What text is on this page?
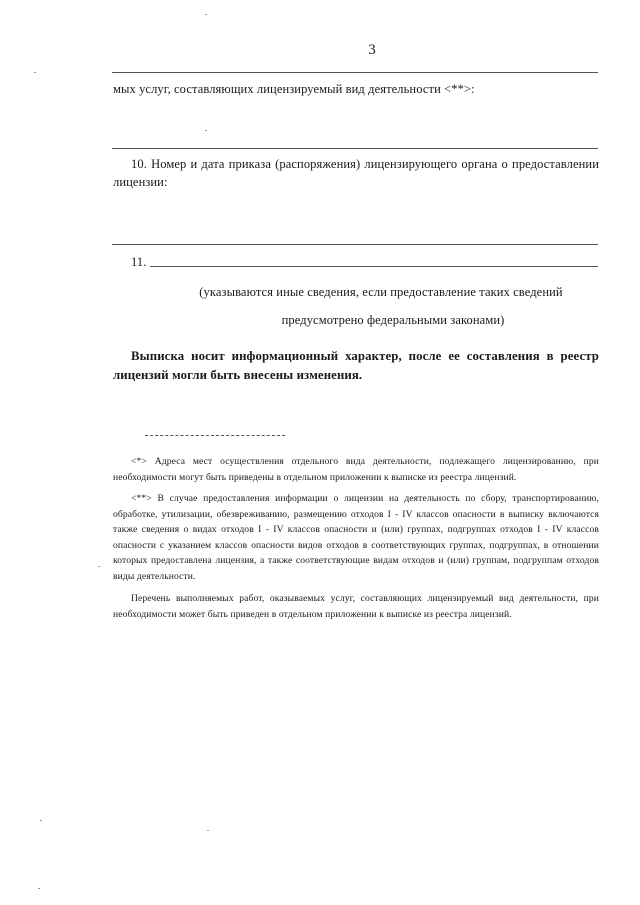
3
мых услуг, составляющих лицензируемый вид деятельности <**>:
10. Номер и дата приказа (распоряжения) лицензирующего органа о предоставлении лицензии:
11.
(указываются иные сведения, если предоставление таких сведений
предусмотрено федеральными законами)
Выписка носит информационный характер, после ее составления в реестр лицензий могли быть внесены изменения.
<*> Адреса мест осуществления отдельного вида деятельности, подлежащего лицензированию, при необходимости могут быть приведены в отдельном приложении к выписке из реестра лицензий.
<**> В случае предоставления информации о лицензии на деятельность по сбору, транспортированию, обработке, утилизации, обезвреживанию, размещению отходов I - IV классов опасности в выписку включаются также сведения о видах отходов I - IV классов опасности и (или) группах, подгруппах отходов I - IV классов опасности с указанием классов опасности видов отходов в соответствующих группах, подгруппах, в отношении которых предоставлена лицензия, а также соответствующие видам отходов и (или) группам, подгруппам отходов виды деятельности.
Перечень выполняемых работ, оказываемых услуг, составляющих лицензируемый вид деятельности, при необходимости может быть приведен в отдельном приложении к выписке из реестра лицензий.
